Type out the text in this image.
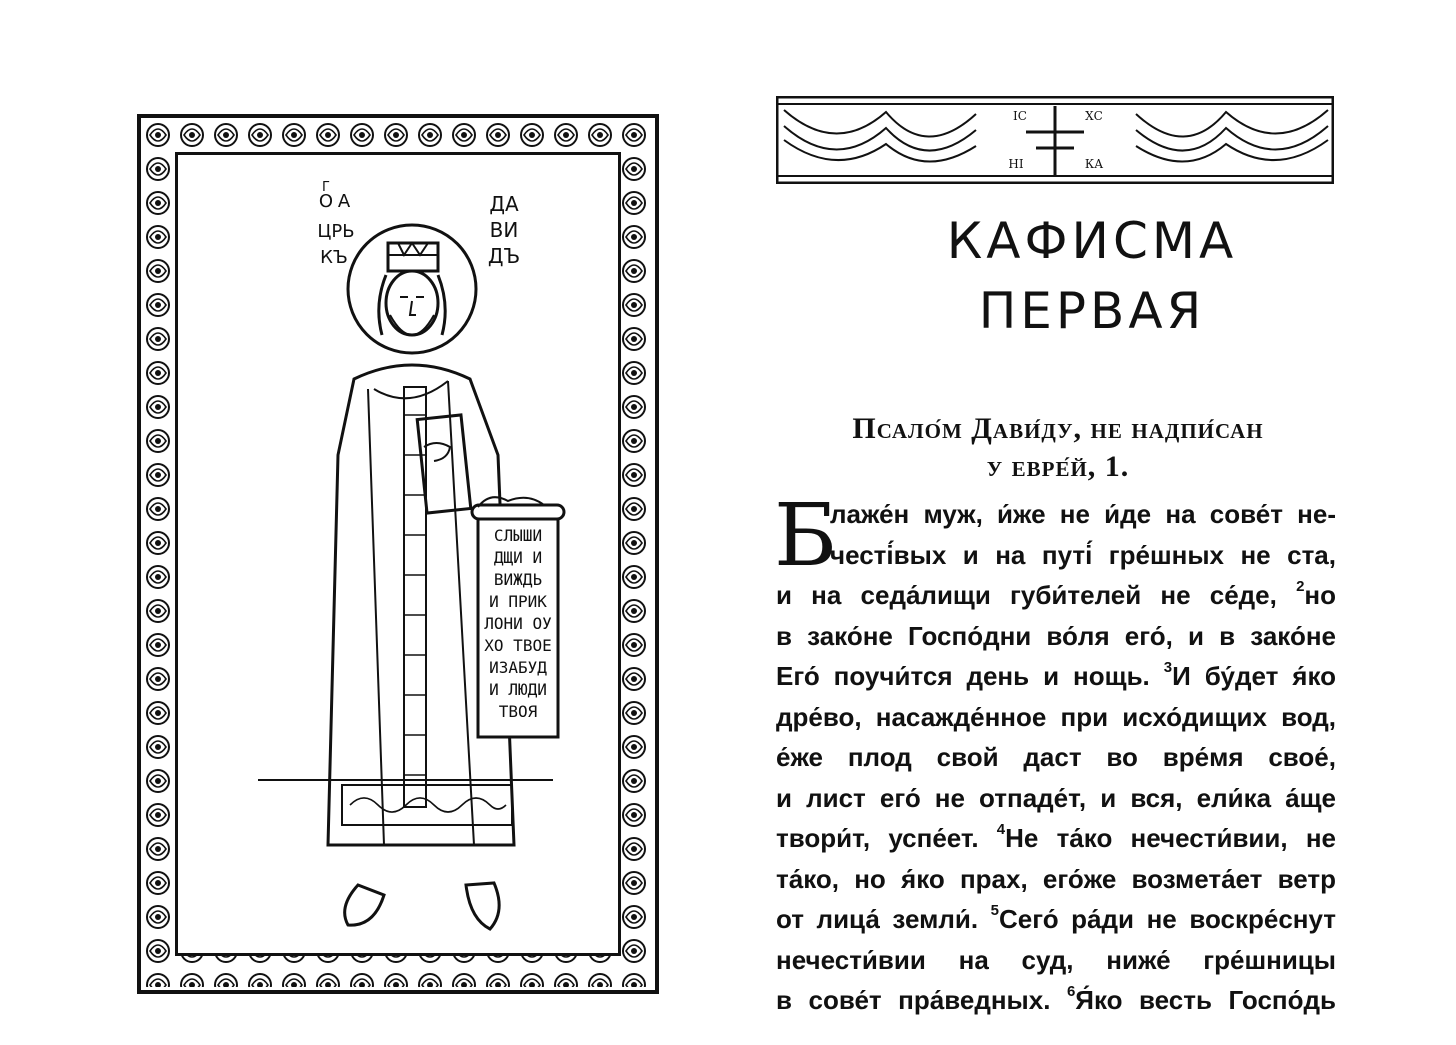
СЛЫШИ
ДЩИ И
ВИЖДЬ
И ПРИК
ЛОНИ ОУ
ХО ТВОЕ
ИЗАБУД
И ЛЮДИ
ТВОЯ
О А
Г
ЦРЬ
КЪ
ДА
ВИ
ДЪ
ІС	ХС
НІ	КА
КАФИСМА
ПЕРВАЯ
Псало́м Дави́ду, не надпи́сан
у евре́й, 1.
Б
лаже́н муж, и́же не и́де на сове́т не-
честі́вых и на путі́ гре́шных не ста,
и на седа́лищи губи́телей не се́де, $^2$но
в зако́не Госпо́дни во́ля его́, и в зако́не
Его́ поучи́тся день и нощь. $^3$И бу́дет я́ко
дре́во, насажде́нное при исхо́дищих вод,
е́же плод свой даст во вре́мя свое́,
и лист его́ не отпаде́т, и вся, ели́ка а́ще
твори́т, успе́ет. $^4$Не та́ко нечести́вии, не
та́ко, но я́ко прах, его́же возмета́ет ветр
от лица́ земли́. $^5$Сего́ ра́ди не воскре́снут
нечести́вии на суд, ниже́ гре́шницы
в сове́т пра́ведных. $^6$Я́ко весть Госпо́дь
